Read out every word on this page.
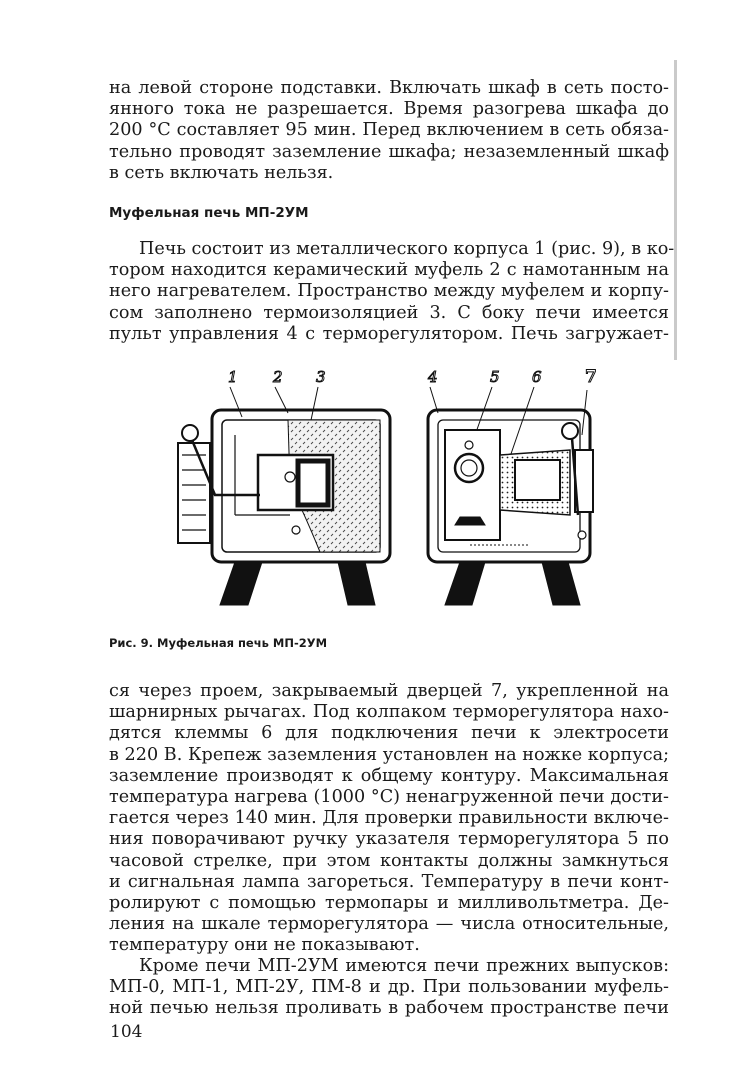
на левой стороне подставки. Включать шкаф в сеть посто-
янного тока не разрешается. Время разогрева шкафа до
200 °С составляет 95 мин. Перед включением в сеть обяза-
тельно проводят заземление шкафа; незаземленный шкаф
в сеть включать нельзя.
Муфельная печь МП-2УМ
Печь состоит из металлического корпуса 1 (рис. 9), в ко-
тором находится керамический муфель 2 с намотанным на
него нагревателем. Пространство между муфелем и корпу-
сом заполнено термоизоляцией 3. С боку печи имеется
пульт управления 4 с терморегулятором. Печь загружает-
1 2 3	4	5 6	7
Рис. 9. Муфельная печь МП-2УМ
ся через проем, закрываемый дверцей 7, укрепленной на
шарнирных рычагах. Под колпаком терморегулятора нахо-
дятся клеммы 6 для подключения печи к электросети
в 220 В. Крепеж заземления установлен на ножке корпуса;
заземление производят к общему контуру. Максимальная
температура нагрева (1000 °С) ненагруженной печи дости-
гается через 140 мин. Для проверки правильности включе-
ния поворачивают ручку указателя терморегулятора 5 по
часовой стрелке, при этом контакты должны замкнуться
и сигнальная лампа загореться. Температуру в печи конт-
ролируют с помощью термопары и милливольтметра. Де-
ления на шкале терморегулятора — числа относительные,
температуру они не показывают.
Кроме печи МП-2УМ имеются печи прежних выпусков:
МП-0, МП-1, МП-2У, ПМ-8 и др. При пользовании муфель-
ной печью нельзя проливать в рабочем пространстве печи
104
